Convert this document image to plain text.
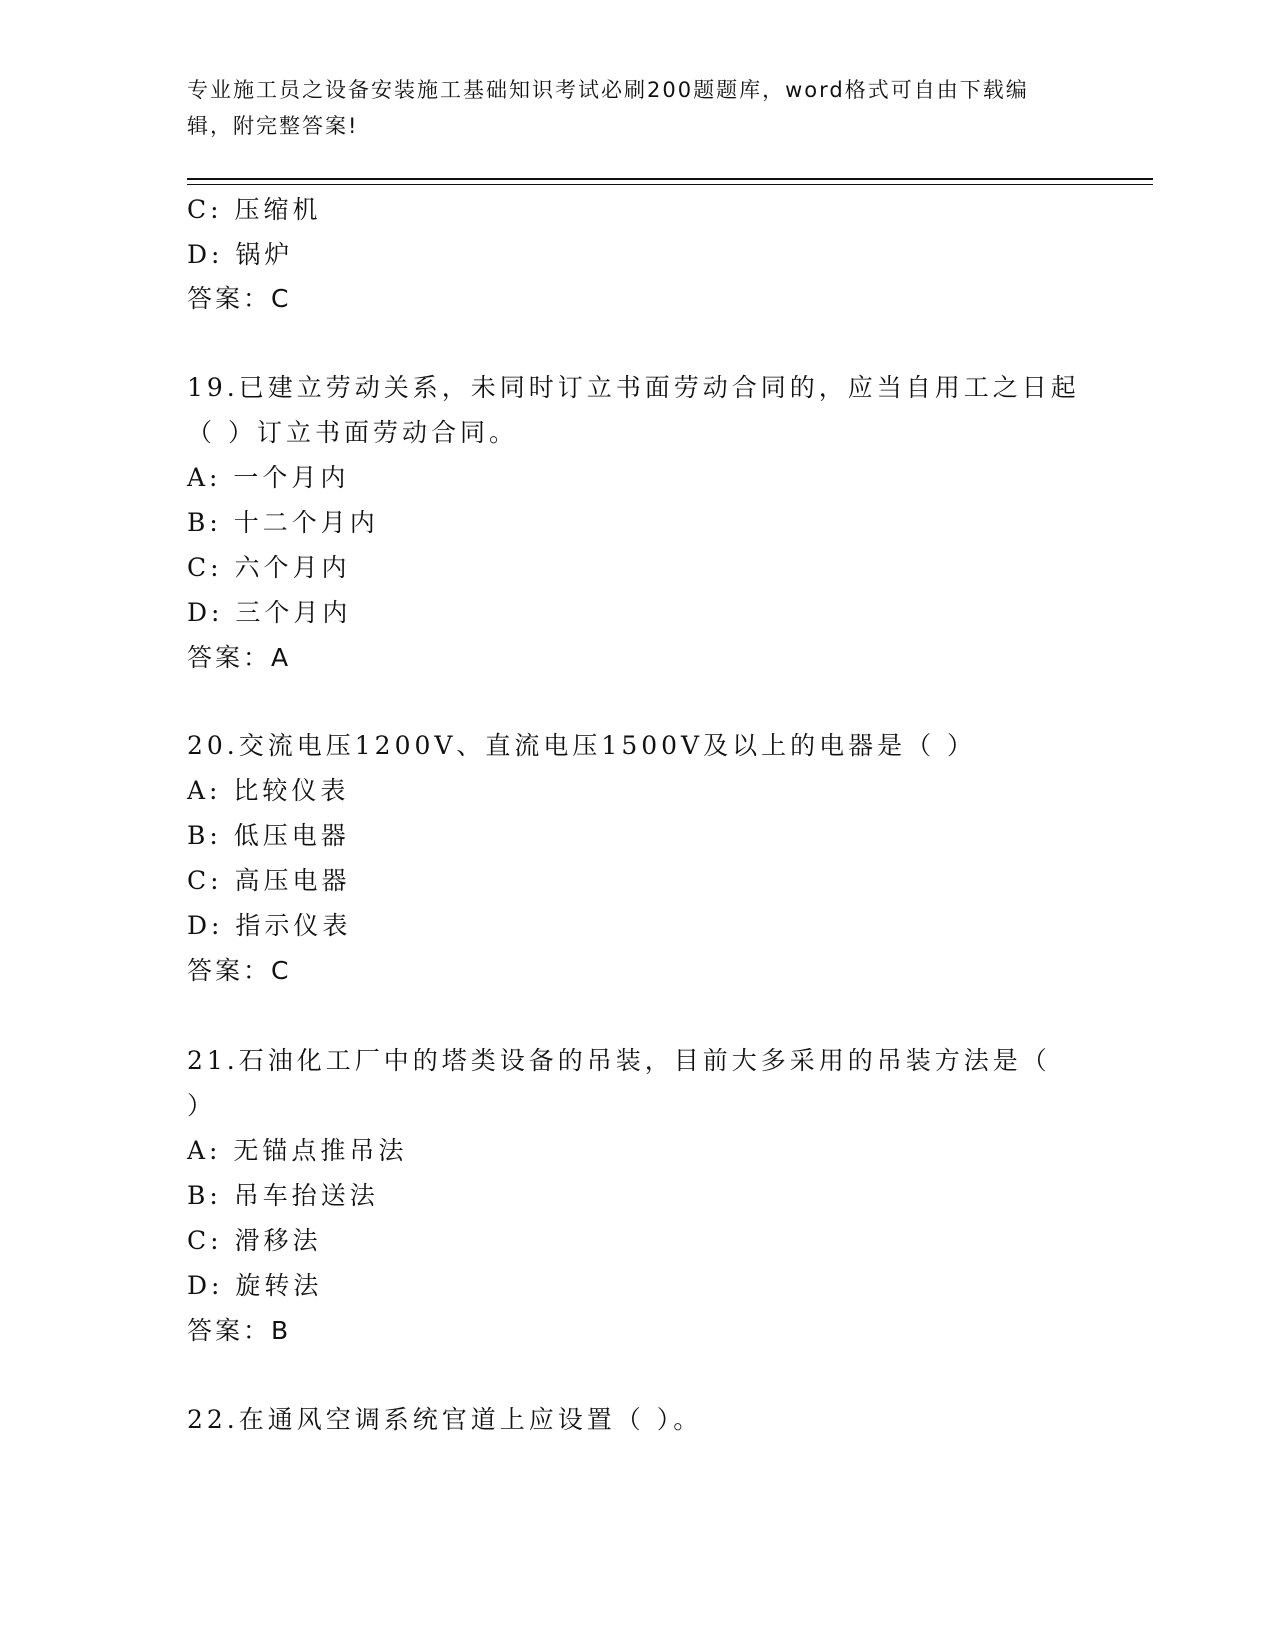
专业施工员之设备安装施工基础知识考试必刷200题题库，word格式可自由下载编辑，附完整答案!
C: 压缩机
D: 锅炉
答案：C
19.已建立劳动关系，未同时订立书面劳动合同的，应当自用工之日起
（ ）订立书面劳动合同。
A: 一个月内
B: 十二个月内
C: 六个月内
D: 三个月内
答案：A
20.交流电压1200V、直流电压1500V及以上的电器是（ ）
A: 比较仪表
B: 低压电器
C: 高压电器
D: 指示仪表
答案：C
21.石油化工厂中的塔类设备的吊装，目前大多采用的吊装方法是（
）
A: 无锚点推吊法
B: 吊车抬送法
C: 滑移法
D: 旋转法
答案：B
22.在通风空调系统官道上应设置（ ）。
